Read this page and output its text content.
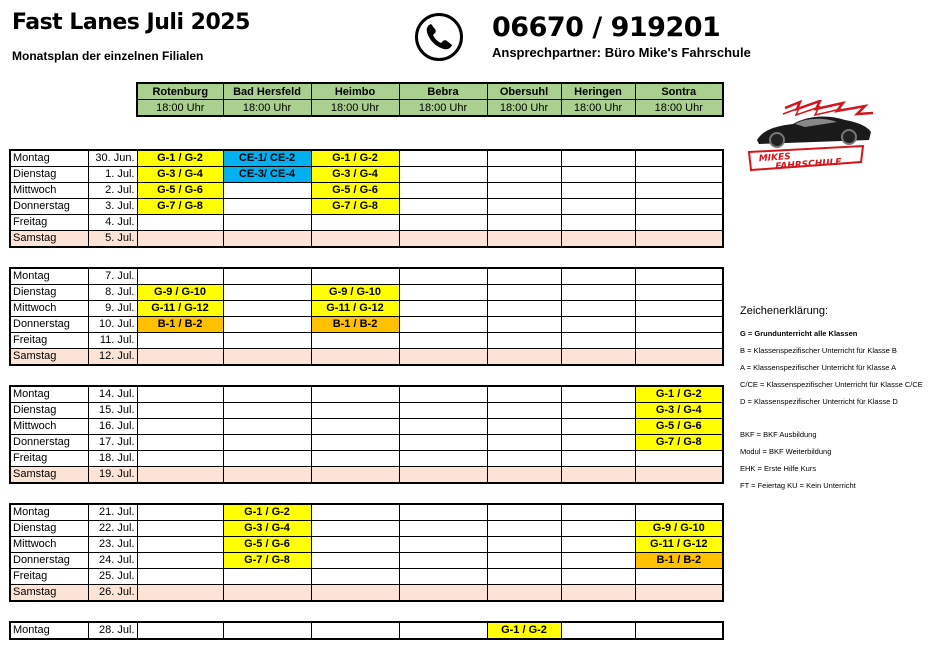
Fast Lanes Juli 2025
Monatsplan der einzelnen Filialen
06670 / 919201
Ansprechpartner: Büro Mike's Fahrschule
Rotenburg	Bad Hersfeld	Heimbo	Bebra	Obersuhl	Heringen	Sontra
18:00 Uhr	18:00 Uhr	18:00 Uhr	18:00 Uhr	18:00 Uhr	18:00 Uhr	18:00 Uhr
Montag	30. Jun.	G-1 / G-2	CE-1/ CE-2	G-1 / G-2				
Dienstag	1. Jul.	G-3 / G-4	CE-3/ CE-4	G-3 / G-4				
Mittwoch	2. Jul.	G-5 / G-6		G-5 / G-6				
Donnerstag	3. Jul.	G-7 / G-8		G-7 / G-8				
Freitag	4. Jul.							
Samstag	5. Jul.							
Montag	7. Jul.							
Dienstag	8. Jul.	G-9 / G-10		G-9 / G-10				
Mittwoch	9. Jul.	G-11 / G-12		G-11 / G-12				
Donnerstag	10. Jul.	B-1 / B-2		B-1 / B-2				
Freitag	11. Jul.							
Samstag	12. Jul.							
Montag	14. Jul.							G-1 / G-2
Dienstag	15. Jul.							G-3 / G-4
Mittwoch	16. Jul.							G-5 / G-6
Donnerstag	17. Jul.							G-7 / G-8
Freitag	18. Jul.							
Samstag	19. Jul.							
Montag	21. Jul.		G-1 / G-2					
Dienstag	22. Jul.		G-3 / G-4					G-9 / G-10
Mittwoch	23. Jul.		G-5 / G-6					G-11 / G-12
Donnerstag	24. Jul.		G-7 / G-8					B-1 / B-2
Freitag	25. Jul.							
Samstag	26. Jul.							
Montag	28. Jul.					G-1 / G-2		
MIKES
FAHRSCHULE
Zeichenerklärung:
G = Grundunterricht alle Klassen
B = Klassenspezifischer Unterricht für Klasse B
A = Klassenspezifischer Unterricht für Klasse A
C/CE = Klassenspezifischer Unterricht für Klasse C/CE
D = Klassenspezifischer Unterricht für Klasse D
BKF = BKF Ausbildung
Modul = BKF Weiterbildung
EHK = Erste Hilfe Kurs
FT = Feiertag KU = Kein Unterricht
